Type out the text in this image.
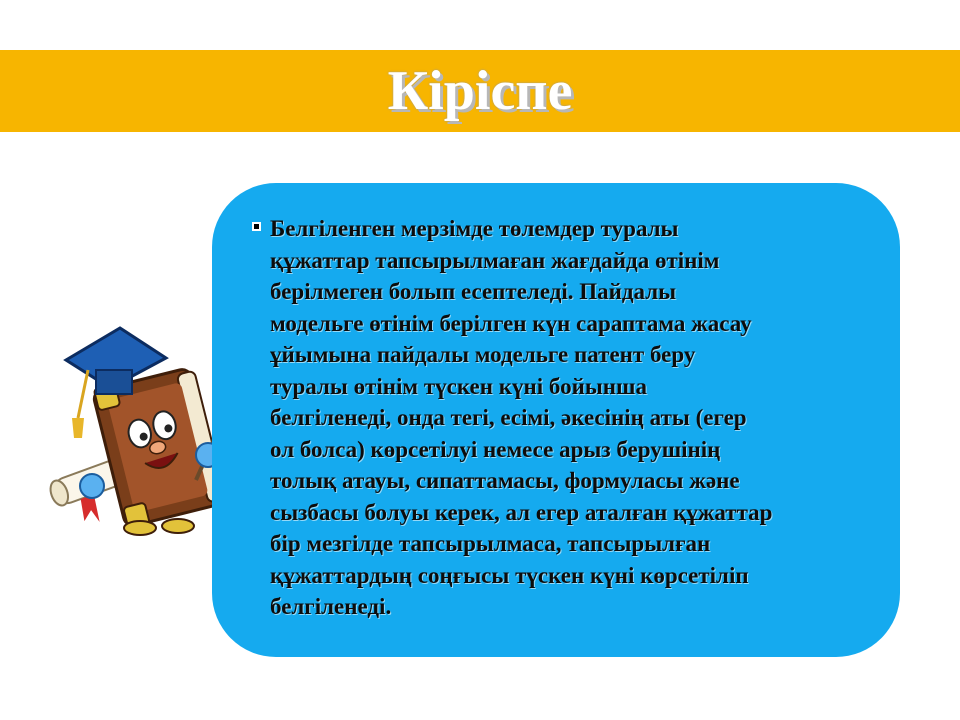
Кіріспе
Белгіленген мерзімде төлемдер туралы
құжаттар тапсырылмаған жағдайда өтінім
берілмеген болып есептеледі. Пайдалы
модельге өтінім берілген күн сараптама жасау
ұйымына пайдалы модельге патент беру
туралы өтінім түскен күні бойынша
белгіленеді, онда тегі, есімі, әкесінің аты (егер
ол болса) көрсетілуі немесе арыз берушінің
толық атауы, сипаттамасы, формуласы және
сызбасы болуы керек, ал егер аталған құжаттар
бір мезгілде тапсырылмаса, тапсырылған
құжаттардың соңғысы түскен күні көрсетіліп
белгіленеді.
